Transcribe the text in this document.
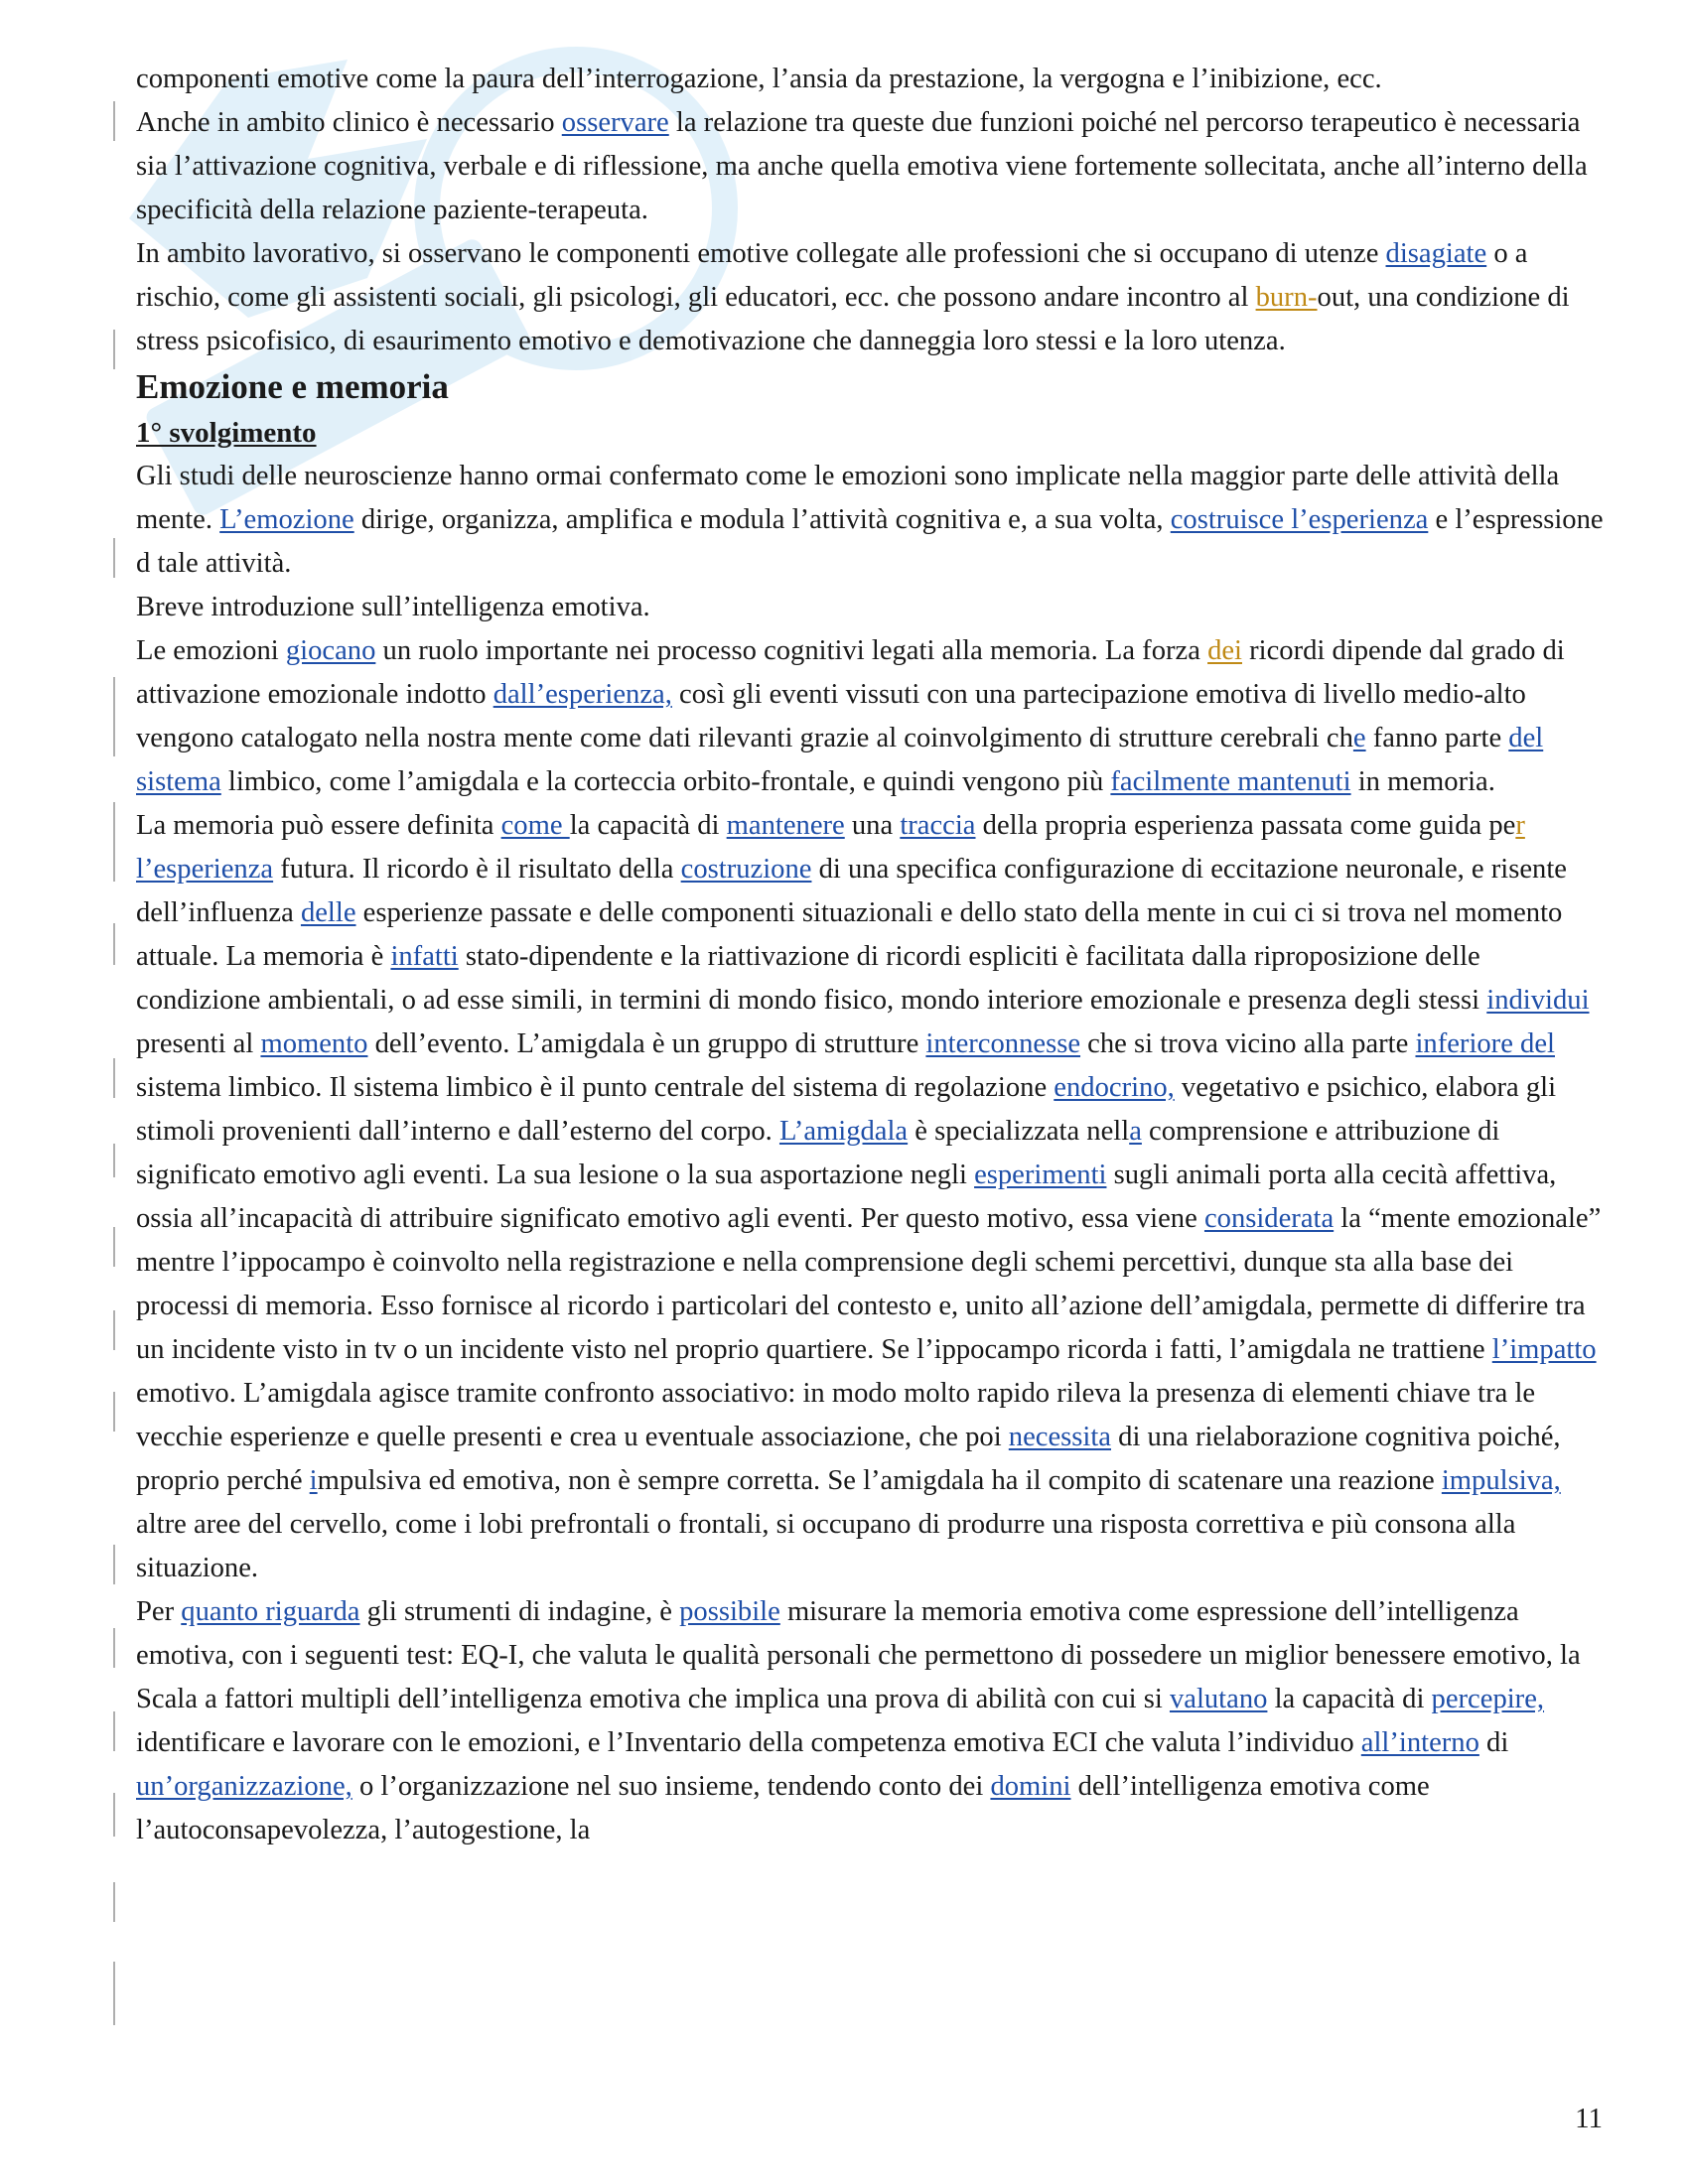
componenti emotive come la paura dell’interrogazione, l’ansia da prestazione, la vergogna e l’inibizione, ecc.

Anche in ambito clinico è necessario osservare la relazione tra queste due funzioni poiché nel percorso terapeutico è necessaria sia l’attivazione cognitiva, verbale e di riflessione, ma anche quella emotiva viene fortemente sollecitata, anche all’interno della specificità della relazione paziente-terapeuta.

In ambito lavorativo, si osservano le componenti emotive collegate alle professioni che si occupano di utenze disagiate o a rischio, come gli assistenti sociali, gli psicologi, gli educatori, ecc. che possono andare incontro al burn-out, una condizione di stress psicofisico, di esaurimento emotivo e demotivazione che danneggia loro stessi e la loro utenza.

Emozione e memoria
1° svolgimento

Gli studi delle neuroscienze hanno ormai confermato come le emozioni sono implicate nella maggior parte delle attività della mente. L’emozione dirige, organizza, amplifica e modula l’attività cognitiva e, a sua volta, costruisce l’esperienza e l’espressione d tale attività.

Breve introduzione sull’intelligenza emotiva.

Le emozioni giocano un ruolo importante nei processo cognitivi legati alla memoria. La forza dei ricordi dipende dal grado di attivazione emozionale indotto dall’esperienza, così gli eventi vissuti con una partecipazione emotiva di livello medio-alto vengono catalogato nella nostra mente come dati rilevanti grazie al coinvolgimento di strutture cerebrali che fanno parte del sistema limbico, come l’amigdala e la corteccia orbito-frontale, e quindi vengono più facilmente mantenuti in memoria.

La memoria può essere definita come la capacità di mantenere una traccia della propria esperienza passata come guida per l’esperienza futura. Il ricordo è il risultato della costruzione di una specifica configurazione di eccitazione neuronale, e risente dell’influenza delle esperienze passate e delle componenti situazionali e dello stato della mente in cui ci si trova nel momento attuale. La memoria è infatti stato-dipendente e la riattivazione di ricordi espliciti è facilitata dalla riproposizione delle condizione ambientali, o ad esse simili, in termini di mondo fisico, mondo interiore emozionale e presenza degli stessi individui presenti al momento dell’evento. L’amigdala è un gruppo di strutture interconnesse che si trova vicino alla parte inferiore del sistema limbico. Il sistema limbico è il punto centrale del sistema di regolazione endocrino, vegetativo e psichico, elabora gli stimoli provenienti dall’interno e dall’esterno del corpo. L’amigdala è specializzata nella comprensione e attribuzione di significato emotivo agli eventi. La sua lesione o la sua asportazione negli esperimenti sugli animali porta alla cecità affettiva, ossia all’incapacità di attribuire significato emotivo agli eventi. Per questo motivo, essa viene considerata la “mente emozionale” mentre l’ippocampo è coinvolto nella registrazione e nella comprensione degli schemi percettivi, dunque sta alla base dei processi di memoria. Esso fornisce al ricordo i particolari del contesto e, unito all’azione dell’amigdala, permette di differire tra un incidente visto in tv o un incidente visto nel proprio quartiere. Se l’ippocampo ricorda i fatti, l’amigdala ne trattiene l’impatto emotivo. L’amigdala agisce tramite confronto associativo: in modo molto rapido rileva la presenza di elementi chiave tra le vecchie esperienze e quelle presenti e crea u eventuale associazione, che poi necessita di una rielaborazione cognitiva poiché, proprio perché impulsiva ed emotiva, non è sempre corretta. Se l’amigdala ha il compito di scatenare una reazione impulsiva, altre aree del cervello, come i lobi prefrontali o frontali, si occupano di produrre una risposta correttiva e più consona alla situazione.

Per quanto riguarda gli strumenti di indagine, è possibile misurare la memoria emotiva come espressione dell’intelligenza emotiva, con i seguenti test: EQ-I, che valuta le qualità personali che permettono di possedere un miglior benessere emotivo, la Scala a fattori multipli dell’intelligenza emotiva che implica una prova di abilità con cui si valutano la capacità di percepire, identificare e lavorare con le emozioni, e l’Inventario della competenza emotiva ECI che valuta l’individuo all’interno di un’organizzazione, o l’organizzazione nel suo insieme, tendendo conto dei domini dell’intelligenza emotiva come l’autoconsapevolezza, l’autogestione, la

11
